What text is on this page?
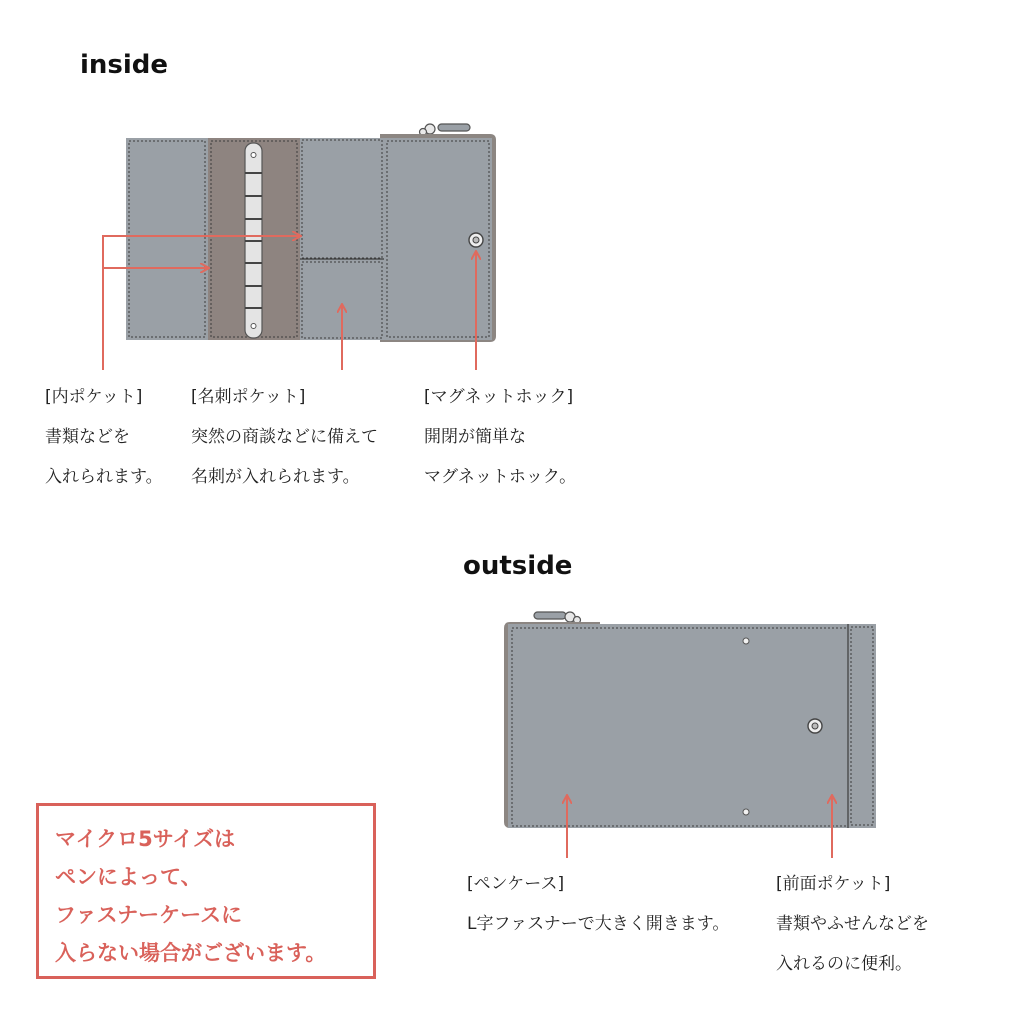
inside
outside
[内ポケット]
書類などを
入れられます。
[名刺ポケット]
突然の商談などに備えて
名刺が入れられます。
[マグネットホック]
開閉が簡単な
マグネットホック。
[ペンケース]
L字ファスナーで大きく開きます。
[前面ポケット]
書類やふせんなどを
入れるのに便利。
マイクロ5サイズは
ペンによって、
ファスナーケースに
入らない場合がございます。
